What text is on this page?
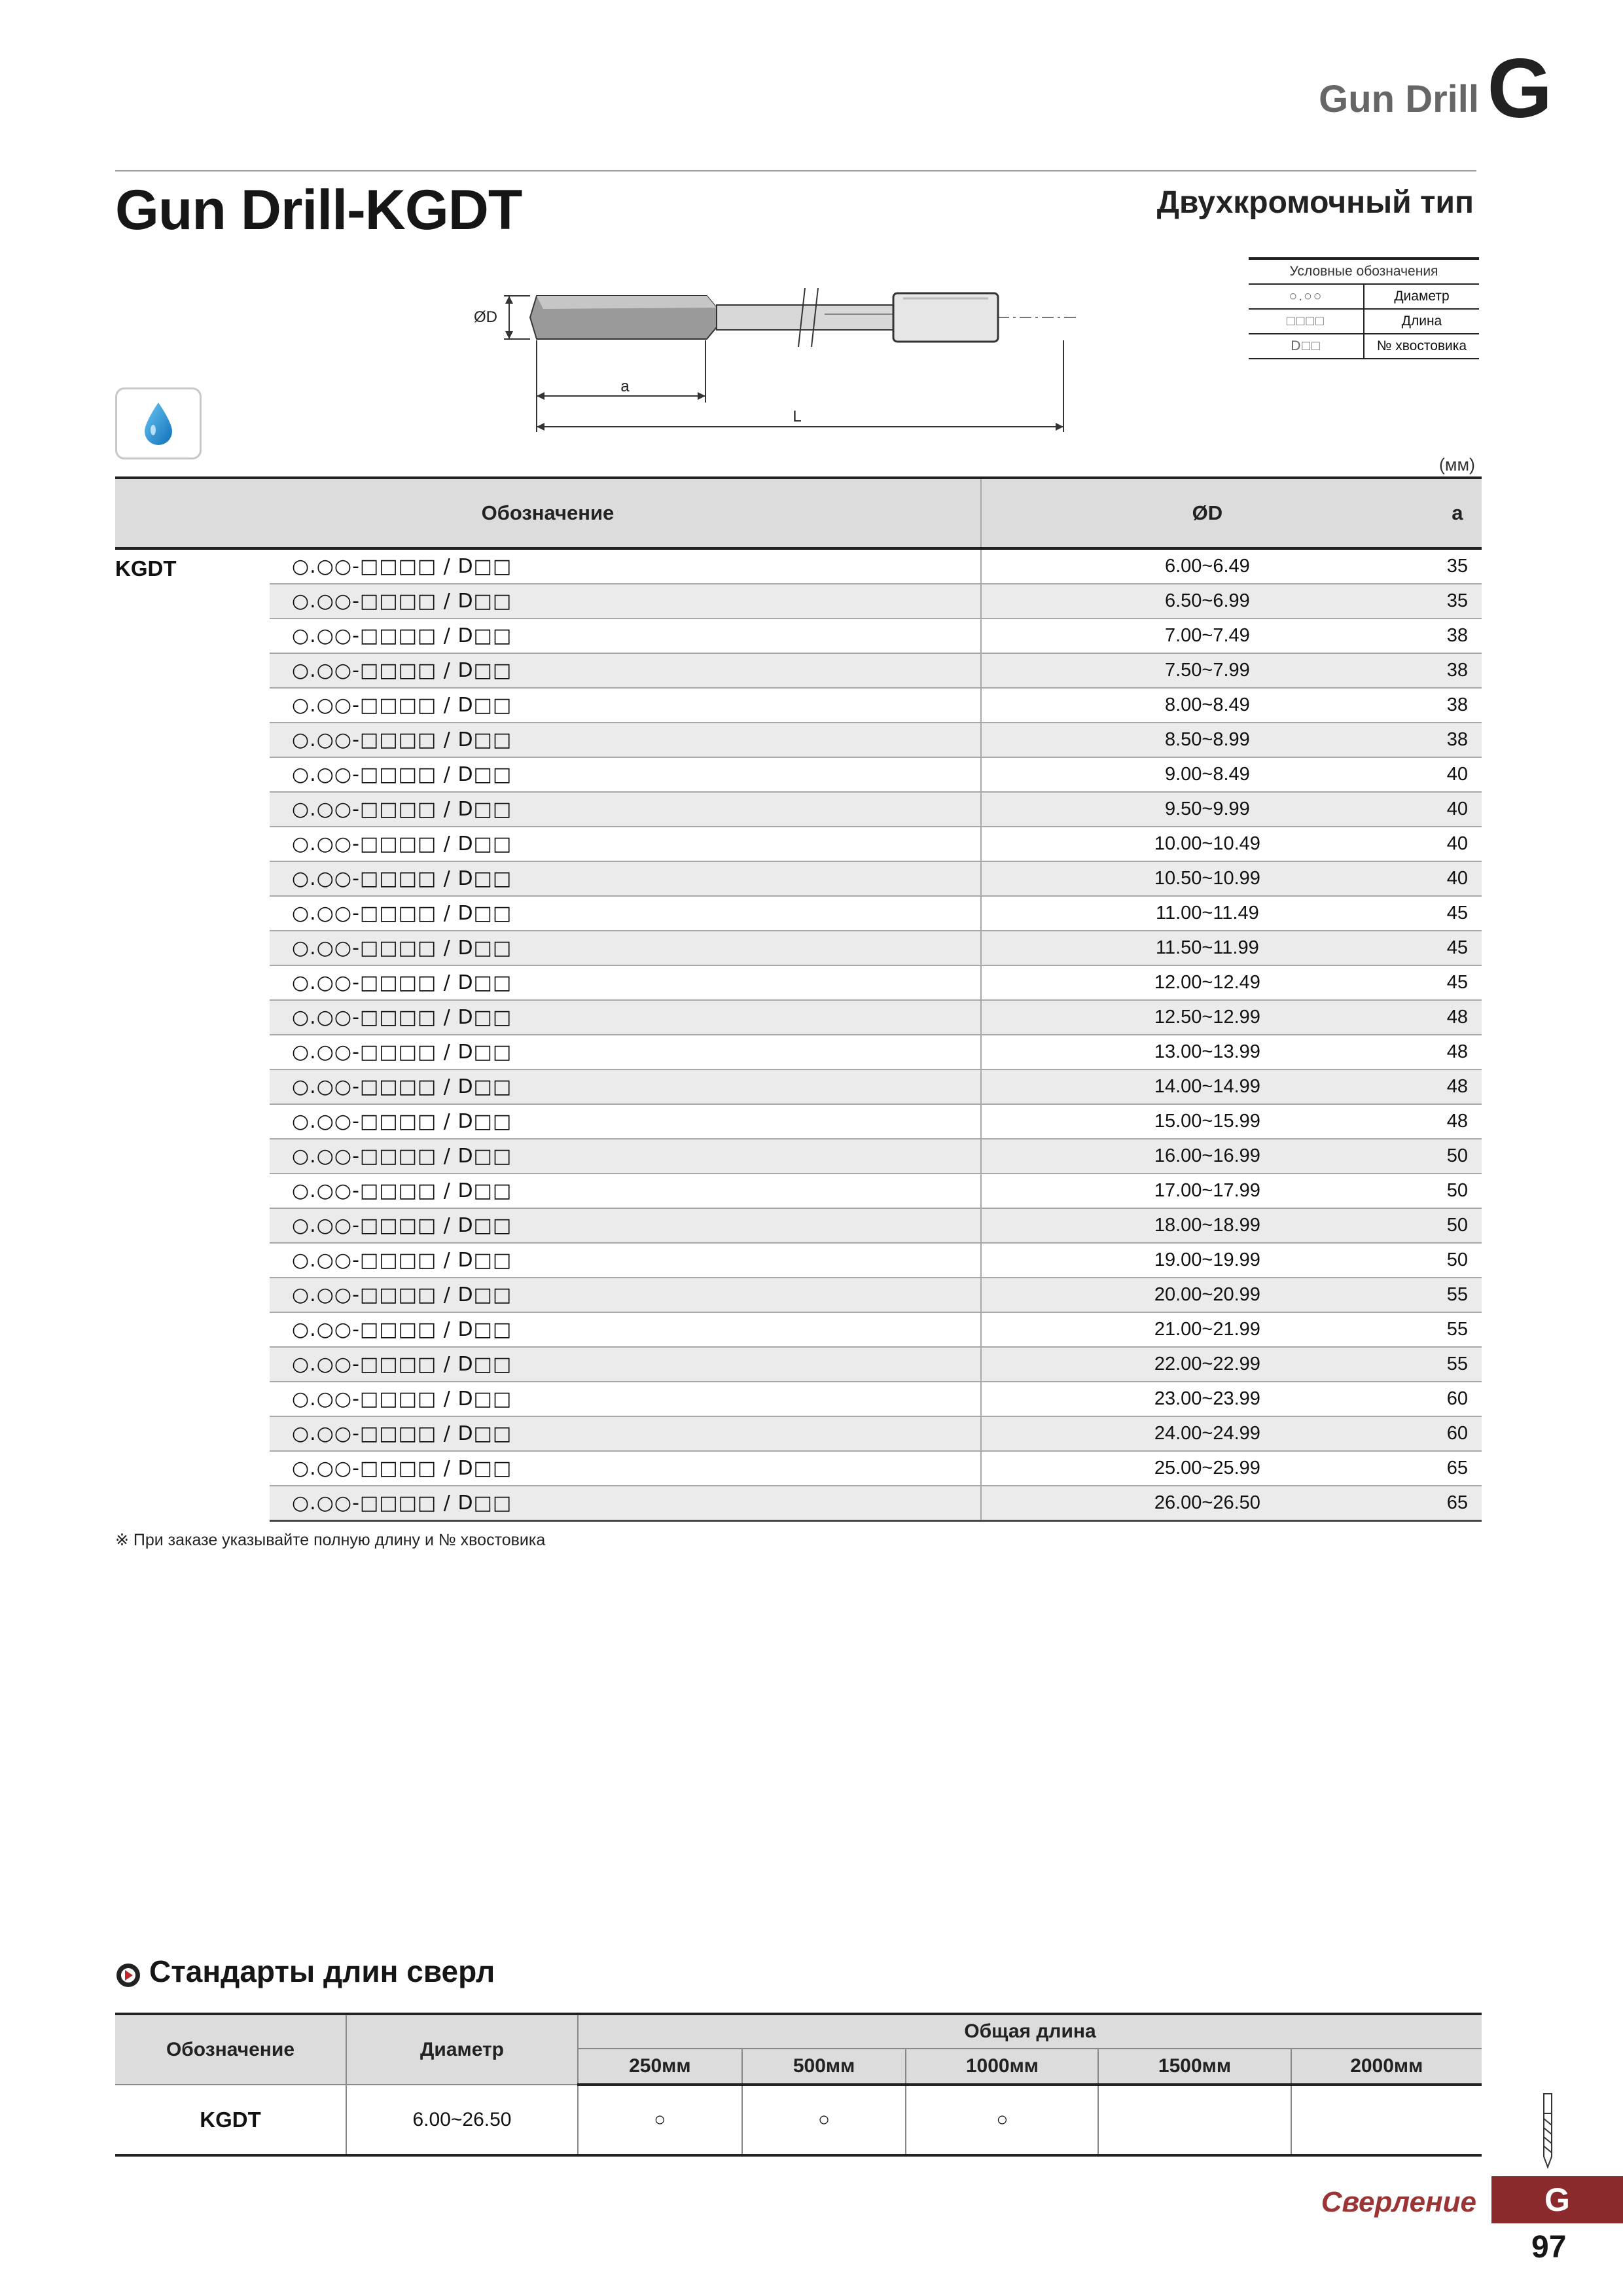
Gun Drill G
Gun Drill-KGDT	Двухкромочный тип
ØD
a
L
Условные обозначения	
○.○○	Диаметр
□□□□	Длина
D□□	№ хвостовика
(мм)
Обозначение		ØD	a
KGDT	○.○○-□□□□ / D□□	6.00~6.49	35
	○.○○-□□□□ / D□□	6.50~6.99	35
	○.○○-□□□□ / D□□	7.00~7.49	38
	○.○○-□□□□ / D□□	7.50~7.99	38
	○.○○-□□□□ / D□□	8.00~8.49	38
	○.○○-□□□□ / D□□	8.50~8.99	38
	○.○○-□□□□ / D□□	9.00~8.49	40
	○.○○-□□□□ / D□□	9.50~9.99	40
	○.○○-□□□□ / D□□	10.00~10.49	40
	○.○○-□□□□ / D□□	10.50~10.99	40
	○.○○-□□□□ / D□□	11.00~11.49	45
	○.○○-□□□□ / D□□	11.50~11.99	45
	○.○○-□□□□ / D□□	12.00~12.49	45
	○.○○-□□□□ / D□□	12.50~12.99	48
	○.○○-□□□□ / D□□	13.00~13.99	48
	○.○○-□□□□ / D□□	14.00~14.99	48
	○.○○-□□□□ / D□□	15.00~15.99	48
	○.○○-□□□□ / D□□	16.00~16.99	50
	○.○○-□□□□ / D□□	17.00~17.99	50
	○.○○-□□□□ / D□□	18.00~18.99	50
	○.○○-□□□□ / D□□	19.00~19.99	50
	○.○○-□□□□ / D□□	20.00~20.99	55
	○.○○-□□□□ / D□□	21.00~21.99	55
	○.○○-□□□□ / D□□	22.00~22.99	55
	○.○○-□□□□ / D□□	23.00~23.99	60
	○.○○-□□□□ / D□□	24.00~24.99	60
	○.○○-□□□□ / D□□	25.00~25.99	65
	○.○○-□□□□ / D□□	26.00~26.50	65
※ При заказе указывайте полную длину и № хвостовика
Стандарты длин сверл
Обозначение	Диаметр	Общая длина				
		250мм	500мм	1000мм	1500мм	2000мм
KGDT	6.00~26.50	○	○	○		
Сверление	G
97
